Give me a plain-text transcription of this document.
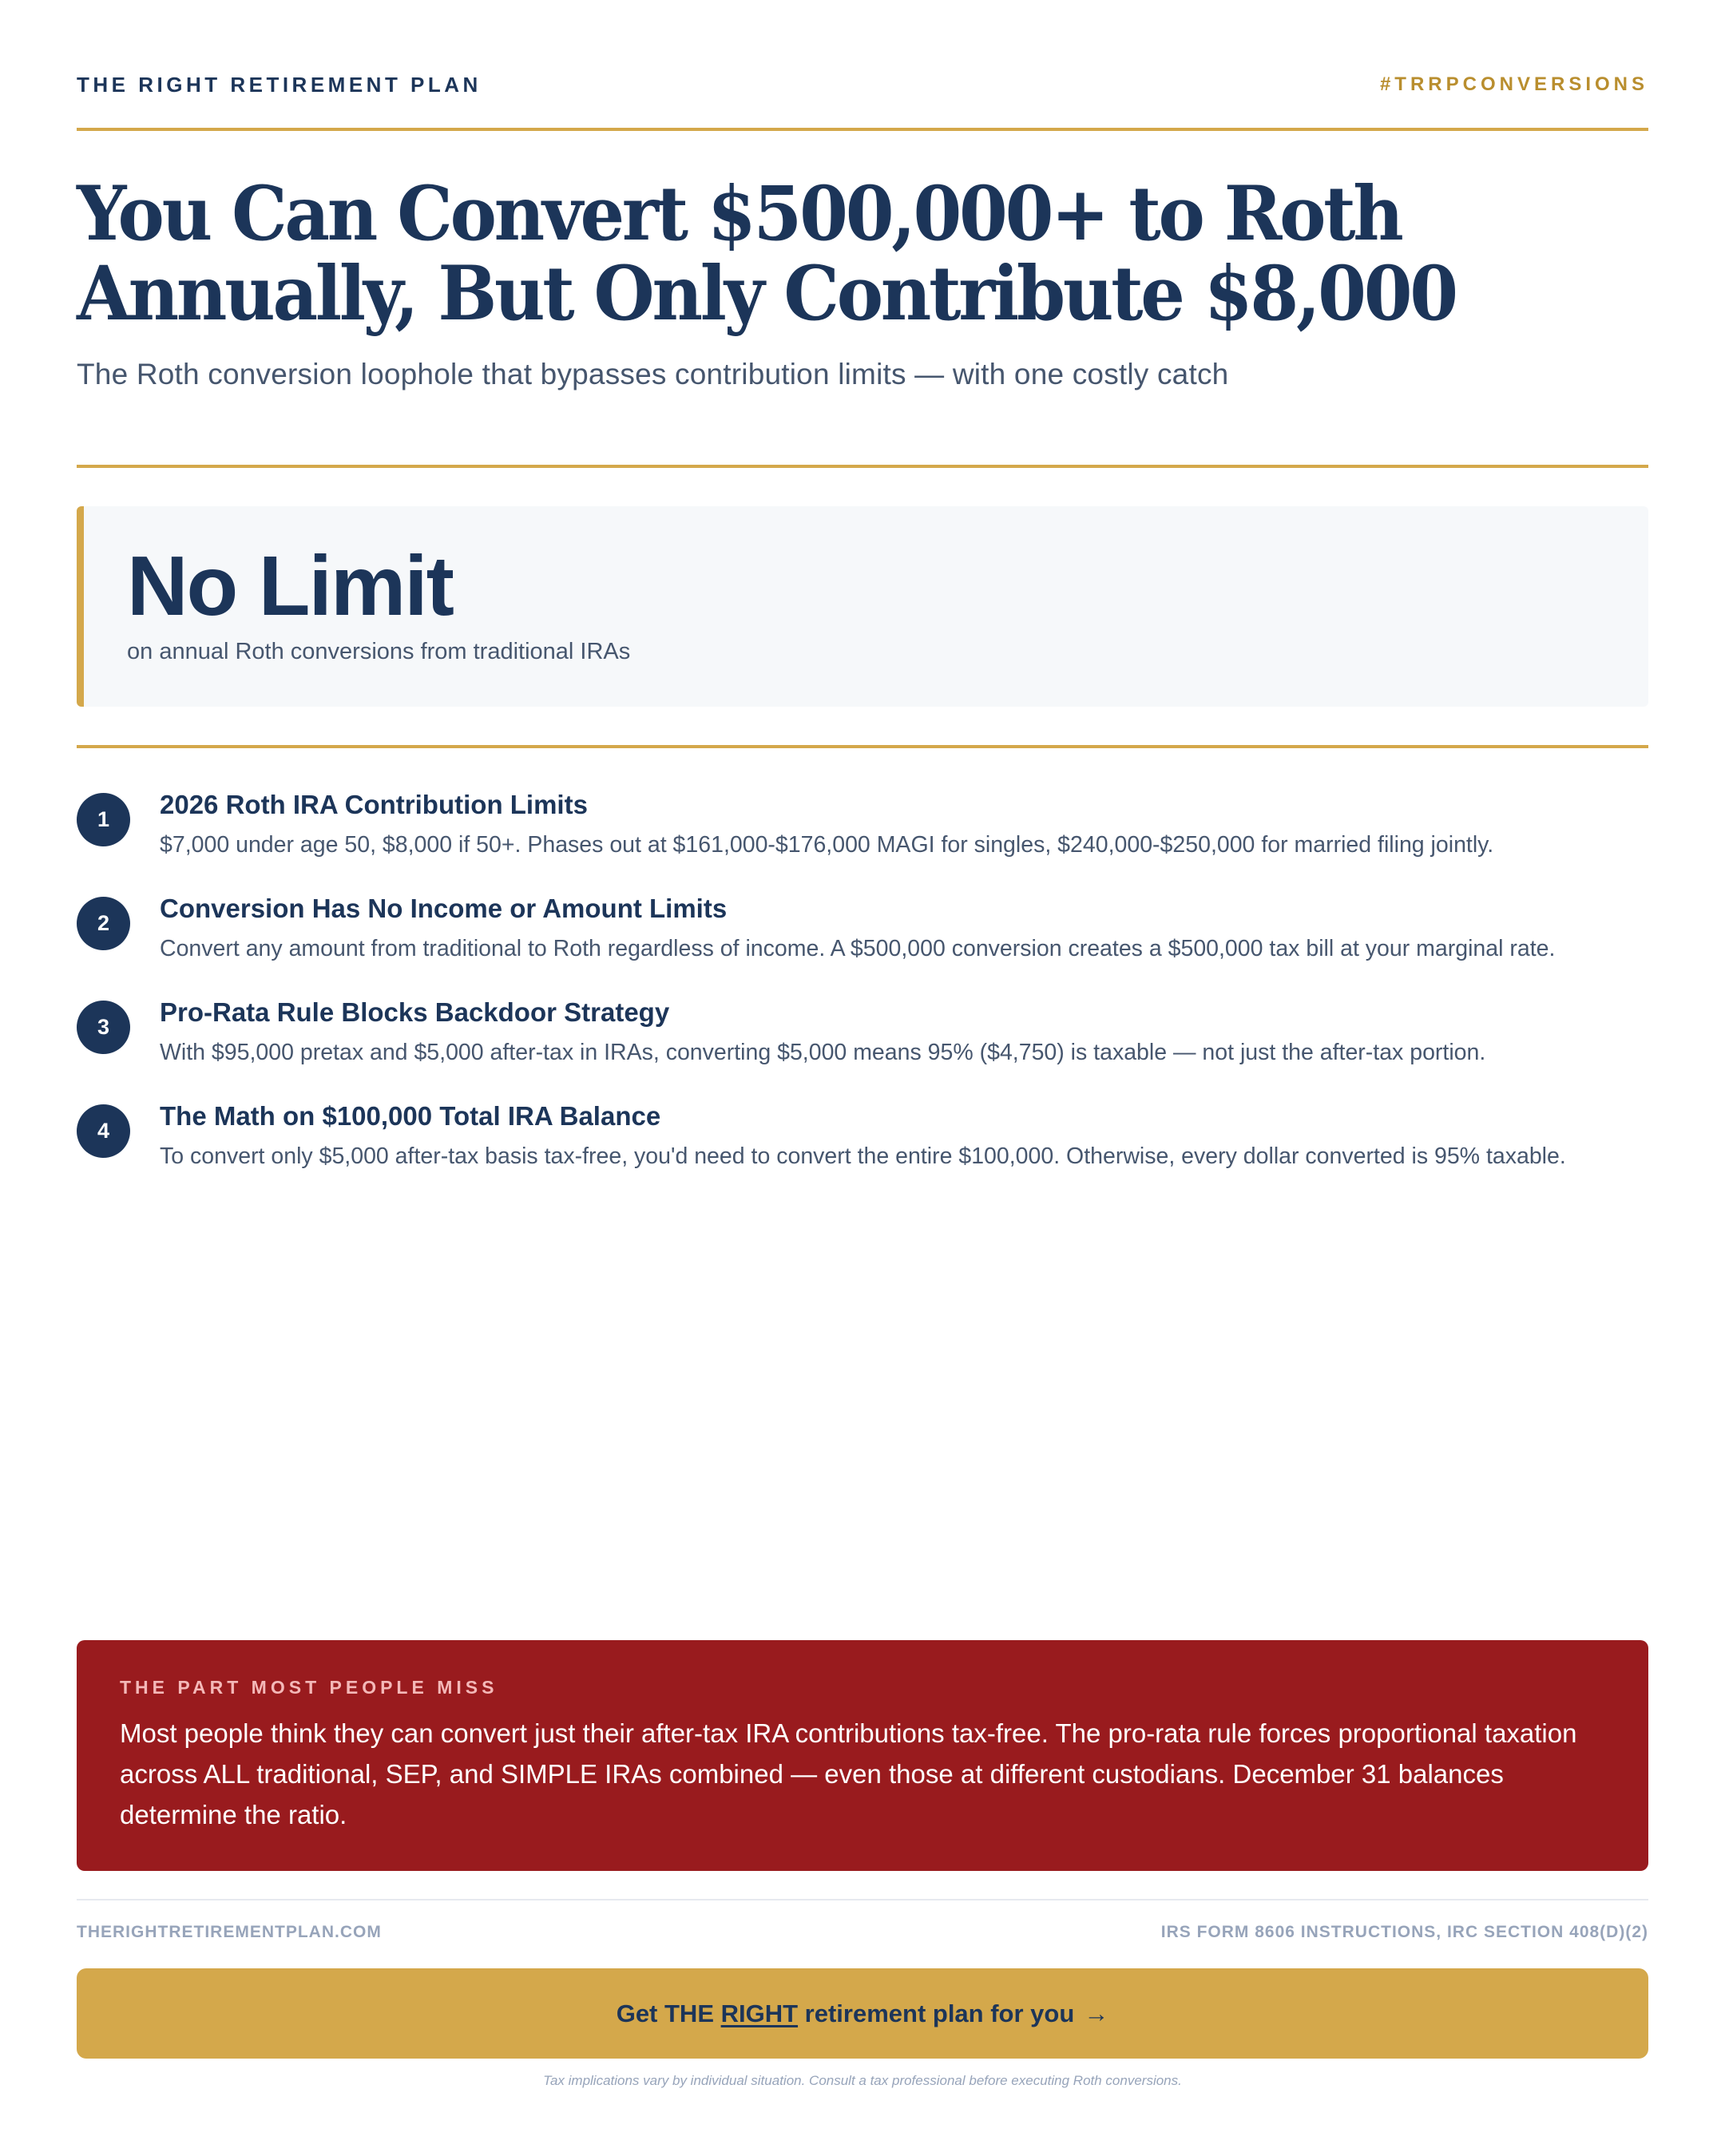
THE RIGHT RETIREMENT PLAN	#TRRPCONVERSIONS
You Can Convert $500,000+ to Roth Annually, But Only Contribute $8,000

The Roth conversion loophole that bypasses contribution limits — with one costly catch

No Limit
on annual Roth conversions from traditional IRAs
1	2026 Roth IRA Contribution Limits
$7,000 under age 50, $8,000 if 50+. Phases out at $161,000-$176,000 MAGI for singles, $240,000-$250,000 for married filing jointly.
2	Conversion Has No Income or Amount Limits
Convert any amount from traditional to Roth regardless of income. A $500,000 conversion creates a $500,000 tax bill at your marginal rate.
3	Pro-Rata Rule Blocks Backdoor Strategy
With $95,000 pretax and $5,000 after-tax in IRAs, converting $5,000 means 95% ($4,750) is taxable — not just the after-tax portion.
4	The Math on $100,000 Total IRA Balance
To convert only $5,000 after-tax basis tax-free, you'd need to convert the entire $100,000. Otherwise, every dollar converted is 95% taxable.
THE PART MOST PEOPLE MISS
Most people think they can convert just their after-tax IRA contributions tax-free. The pro-rata rule forces proportional taxation across ALL traditional, SEP, and SIMPLE IRAs combined — even those at different custodians. December 31 balances determine the ratio.
THERIGHTRETIREMENTPLAN.COM	IRS FORM 8606 INSTRUCTIONS, IRC SECTION 408(D)(2)
Get THE RIGHT retirement plan for you →
Tax implications vary by individual situation. Consult a tax professional before executing Roth conversions.
